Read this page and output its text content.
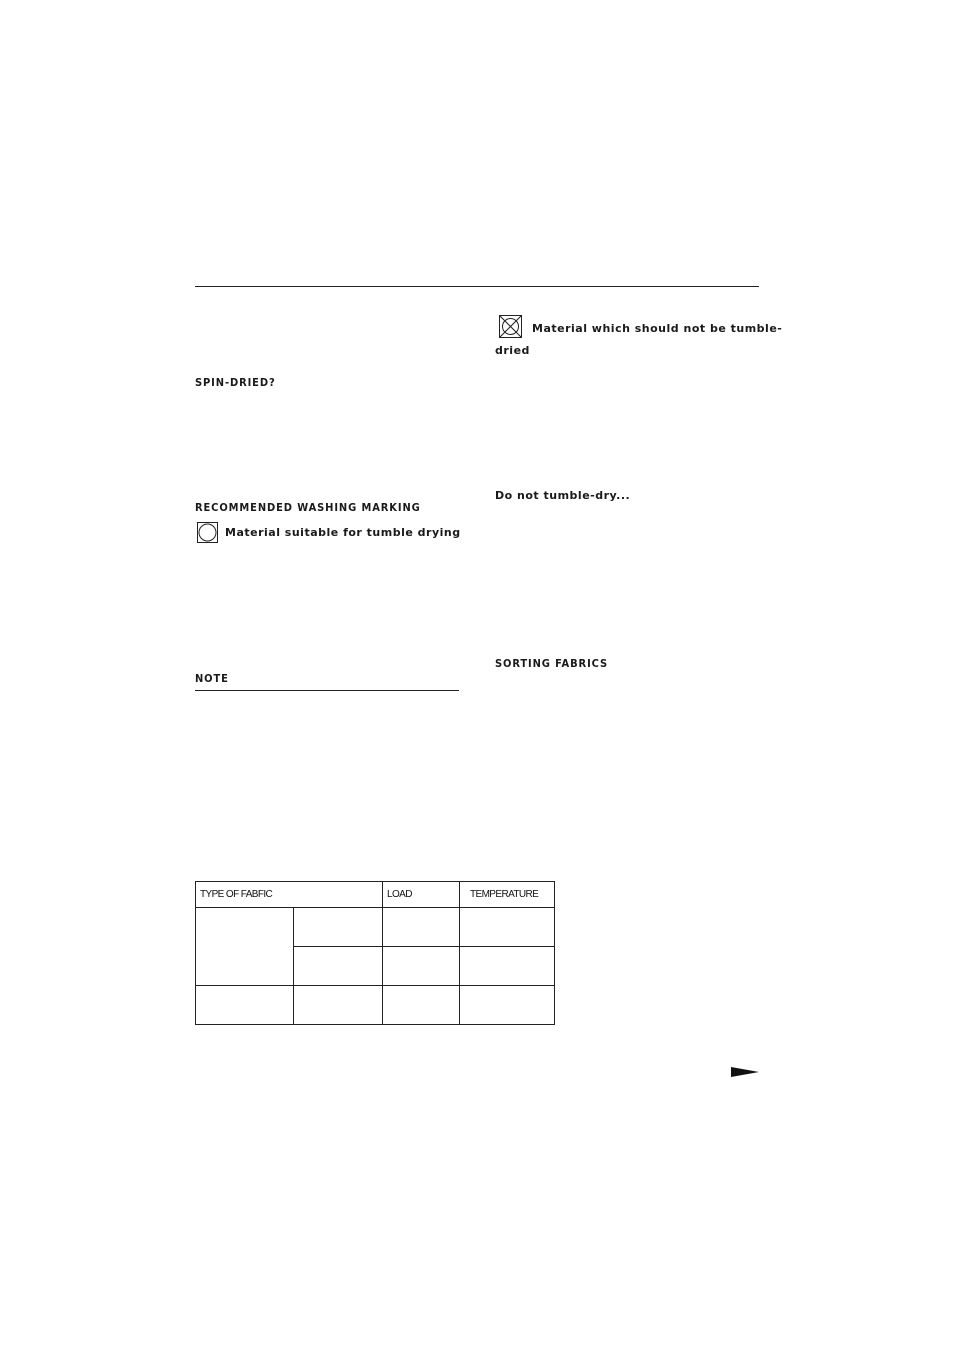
SPIN-DRIED?
RECOMMENDED WASHING MARKING
Material suitable for tumble drying
NOTE
Material which should not be tumble-
dried
Do not tumble-dry...
SORTING FABRICS
TYPE OF FABFIC		LOAD	TEMPERATURE
